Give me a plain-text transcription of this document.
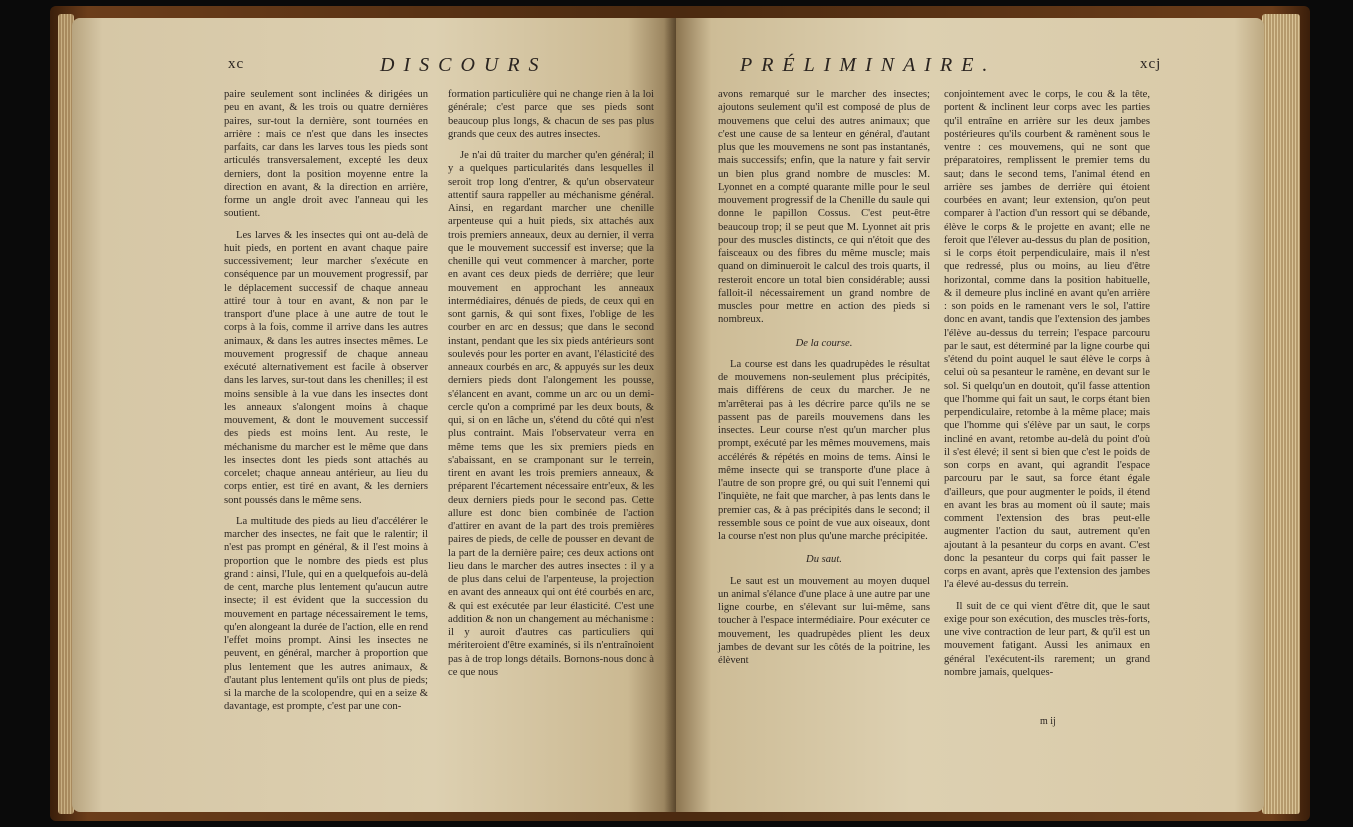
xc	DISCOURS

paire seulement sont inclinées & dirigées un peu en avant, & les trois ou quatre dernières paires, sur-tout la dernière, sont tournées en arrière : mais ce n'est que dans les insectes parfaits, car dans les larves tous les pieds sont articulés transversalement, excepté les deux derniers, dont la position moyenne entre la direction en avant, & la direction en arrière, forme un angle droit avec l'anneau qui les soutient.

Les larves & les insectes qui ont au-delà de huit pieds, en portent en avant chaque paire successivement; leur marcher s'exécute en conséquence par un mouvement progressif, par le déplacement successif de chaque anneau attiré tour à tour en avant, & non par le transport d'une place à une autre de tout le corps à la fois, comme il arrive dans les autres animaux, & dans les autres insectes mêmes. Le mouvement progressif de chaque anneau exécuté alternativement est facile à observer dans les larves, sur-tout dans les chenilles; il est moins sensible à la vue dans les insectes dont les anneaux s'alongent moins à chaque mouvement, & dont le mouvement successif des pieds est moins lent. Au reste, le méchanisme du marcher est le même que dans les insectes dont les pieds sont attachés au corcelet; chaque anneau antérieur, au lieu du corps entier, est tiré en avant, & les derniers sont poussés dans le même sens.

La multitude des pieds au lieu d'accélérer le marcher des insectes, ne fait que le ralentir; il n'est pas prompt en général, & il l'est moins à proportion que le nombre des pieds est plus grand : ainsi, l'Iule, qui en a quelquefois au-delà de cent, marche plus lentement qu'aucun autre insecte; il est évident que la succession du mouvement en partage nécessairement le tems, qu'en alongeant la durée de l'action, elle en rend l'effet moins prompt. Ainsi les insectes ne peuvent, en général, marcher à proportion que plus lentement que les autres animaux, & d'autant plus lentement qu'ils ont plus de pieds; si la marche de la scolopendre, qui en a seize & davantage, est prompte, c'est par une con-

formation particulière qui ne change rien à la loi générale; c'est parce que ses pieds sont beaucoup plus longs, & chacun de ses pas plus grands que ceux des autres insectes.

Je n'ai dû traiter du marcher qu'en général; il y a quelques particularités dans lesquelles il seroit trop long d'entrer, & qu'un observateur attentif saura rappeller au méchanisme général. Ainsi, en regardant marcher une chenille arpenteuse qui a huit pieds, six attachés aux trois premiers anneaux, deux au dernier, il verra que le mouvement successif est inverse; que la chenille qui veut commencer à marcher, porte en avant ces deux pieds de derrière; que leur mouvement en approchant les anneaux intermédiaires, dénués de pieds, de ceux qui en sont garnis, & qui sont fixes, l'oblige de les courber en arc en dessus; que dans le second instant, pendant que les six pieds antérieurs sont soulevés pour les porter en avant, l'élasticité des anneaux courbés en arc, & appuyés sur les deux derniers pieds dont l'alongement les pousse, s'élancent en avant, comme un arc ou un demi-cercle qu'on a comprimé par les deux bouts, & qui, si on en lâche un, s'étend du côté qui n'est plus contraint. Mais l'observateur verra en même tems que les six premiers pieds en s'abaissant, en se cramponant sur le terrein, tirent en avant les trois premiers anneaux, & préparent l'écartement nécessaire entr'eux, & les deux derniers pieds pour le second pas. Cette allure est donc bien combinée de l'action d'attirer en avant de la part des trois premières paires de pieds, de celle de pousser en devant de la part de la dernière paire; ces deux actions ont lieu dans le marcher des autres insectes : il y a de plus dans celui de l'arpenteuse, la projection en avant des anneaux qui ont été courbés en arc, & qui est exécutée par leur élasticité. C'est une addition & non un changement au méchanisme : il y auroit d'autres cas particuliers qui mériteroient d'être examinés, si ils n'entraînoient pas à de trop longs détails. Bornons-nous donc à ce que nous

PRÉLIMINAIRE.	xcj

avons remarqué sur le marcher des insectes; ajoutons seulement qu'il est composé de plus de mouvemens que celui des autres animaux; que c'est une cause de sa lenteur en général, d'autant plus que les mouvemens ne sont pas instantanés, mais successifs; enfin, que la nature y fait servir un bien plus grand nombre de muscles: M. Lyonnet en a compté quarante mille pour le seul mouvement progressif de la Chenille du saule qui donne le papillon Cossus. C'est peut-être beaucoup trop; il se peut que M. Lyonnet ait pris pour des muscles distincts, ce qui n'étoit que des faisceaux ou des fibres du même muscle; mais quand on diminueroit le calcul des trois quarts, il resteroit encore un total bien considérable; aussi falloit-il nécessairement un grand nombre de muscles pour mettre en action des pieds si nombreux.

De la course.

La course est dans les quadrupèdes le résultat de mouvemens non-seulement plus précipités, mais différens de ceux du marcher. Je ne m'arrêterai pas à les décrire parce qu'ils ne se passent pas de pareils mouvemens dans les insectes. Leur course n'est qu'un marcher plus prompt, exécuté par les mêmes mouvemens, mais accélérés & répétés en moins de tems. Ainsi le même insecte qui se transporte d'une place à l'autre de son propre gré, ou qui suit l'ennemi qui l'inquiète, ne fait que marcher, à pas lents dans le premier cas, & à pas précipités dans le second; il ressemble sous ce point de vue aux oiseaux, dont la course n'est non plus qu'une marche précipitée.

Du saut.

Le saut est un mouvement au moyen duquel un animal s'élance d'une place à une autre par une ligne courbe, en s'élevant sur lui-même, sans toucher à l'espace intermédiaire. Pour exécuter ce mouvement, les quadrupèdes plient les deux jambes de devant sur les côtés de la poitrine, les élèvent

conjointement avec le corps, le cou & la tête, portent & inclinent leur corps avec les parties qu'il entraîne en arrière sur les deux jambes postérieures qu'ils courbent & ramènent sous le ventre : ces mouvemens, qui ne sont que préparatoires, remplissent le premier tems du saut; dans le second tems, l'animal étend en arrière ses jambes de derrière qui étoient courbées en avant; leur extension, qu'on peut comparer à l'action d'un ressort qui se débande, élève le corps & le projette en avant; elle ne feroit que l'élever au-dessus du plan de position, si le corps étoit perpendiculaire, mais il n'est que redressé, plus ou moins, au lieu d'être horizontal, comme dans la position habituelle, & il demeure plus incliné en avant qu'en arrière : son poids en le ramenant vers le sol, l'attire donc en avant, tandis que l'extension des jambes l'élève au-dessus du terrein; l'espace parcouru par le saut, est déterminé par la ligne courbe qui s'étend du point auquel le saut élève le corps à celui où sa pesanteur le ramène, en devant sur le sol. Si quelqu'un en doutoit, qu'il fasse attention que l'homme qui fait un saut, le corps étant bien perpendiculaire, retombe à la même place; mais que l'homme qui s'élève par un saut, le corps incliné en avant, retombe au-delà du point d'où il s'est élevé; il sent si bien que c'est le poids de son corps en avant, qui agrandit l'espace parcouru par le saut, sa force étant égale d'ailleurs, que pour augmenter le poids, il étend en avant les bras au moment où il saute; mais comment l'extension des bras peut-elle augmenter l'action du saut, autrement qu'en ajoutant à la pesanteur du corps en avant. C'est donc la pesanteur du corps qui fait passer le corps en avant, après que l'extension des jambes l'a élevé au-dessus du terrein.

Il suit de ce qui vient d'être dit, que le saut exige pour son exécution, des muscles très-forts, une vive contraction de leur part, & qu'il est un mouvement fatigant. Aussi les animaux en général l'exécutent-ils rarement; un grand nombre jamais, quelques-

m ij
